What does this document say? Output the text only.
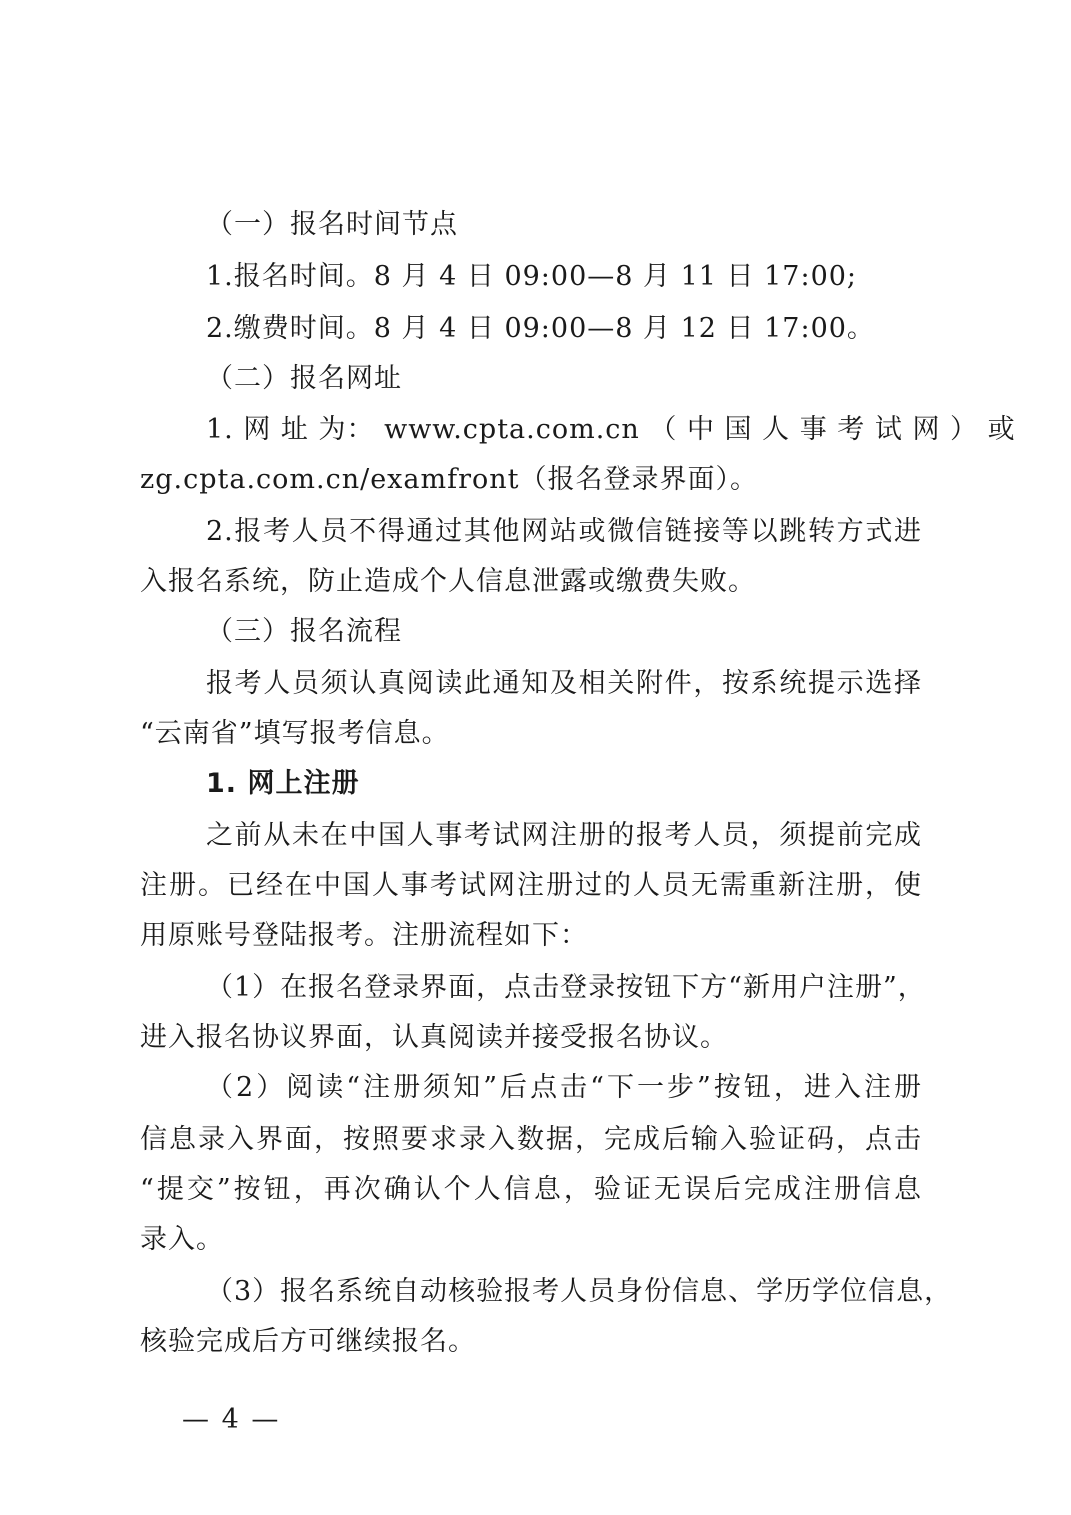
（一）报名时间节点
1.报名时间。8 月 4 日 09:00—8 月 11 日 17:00;
2.缴费时间。8 月 4 日 09:00—8 月 12 日 17:00。
（二）报名网址
1. 网 址 为： www.cpta.com.cn （ 中 国 人 事 考 试 网 ） 或
zg.cpta.com.cn/examfront（报名登录界面）。
2.报考人员不得通过其他网站或微信链接等以跳转方式进
入报名系统，防止造成个人信息泄露或缴费失败。
（三）报名流程
报考人员须认真阅读此通知及相关附件，按系统提示选择
“云南省”填写报考信息。
1. 网上注册
之前从未在中国人事考试网注册的报考人员，须提前完成
注册。已经在中国人事考试网注册过的人员无需重新注册，使
用原账号登陆报考。注册流程如下：
（1）在报名登录界面，点击登录按钮下方“新用户注册”，
进入报名协议界面，认真阅读并接受报名协议。
（2）阅读“注册须知”后点击“下一步”按钮，进入注册
信息录入界面，按照要求录入数据，完成后输入验证码，点击
“提交”按钮，再次确认个人信息，验证无误后完成注册信息
录入。
（3）报名系统自动核验报考人员身份信息、学历学位信息，
核验完成后方可继续报名。
— 4 —
